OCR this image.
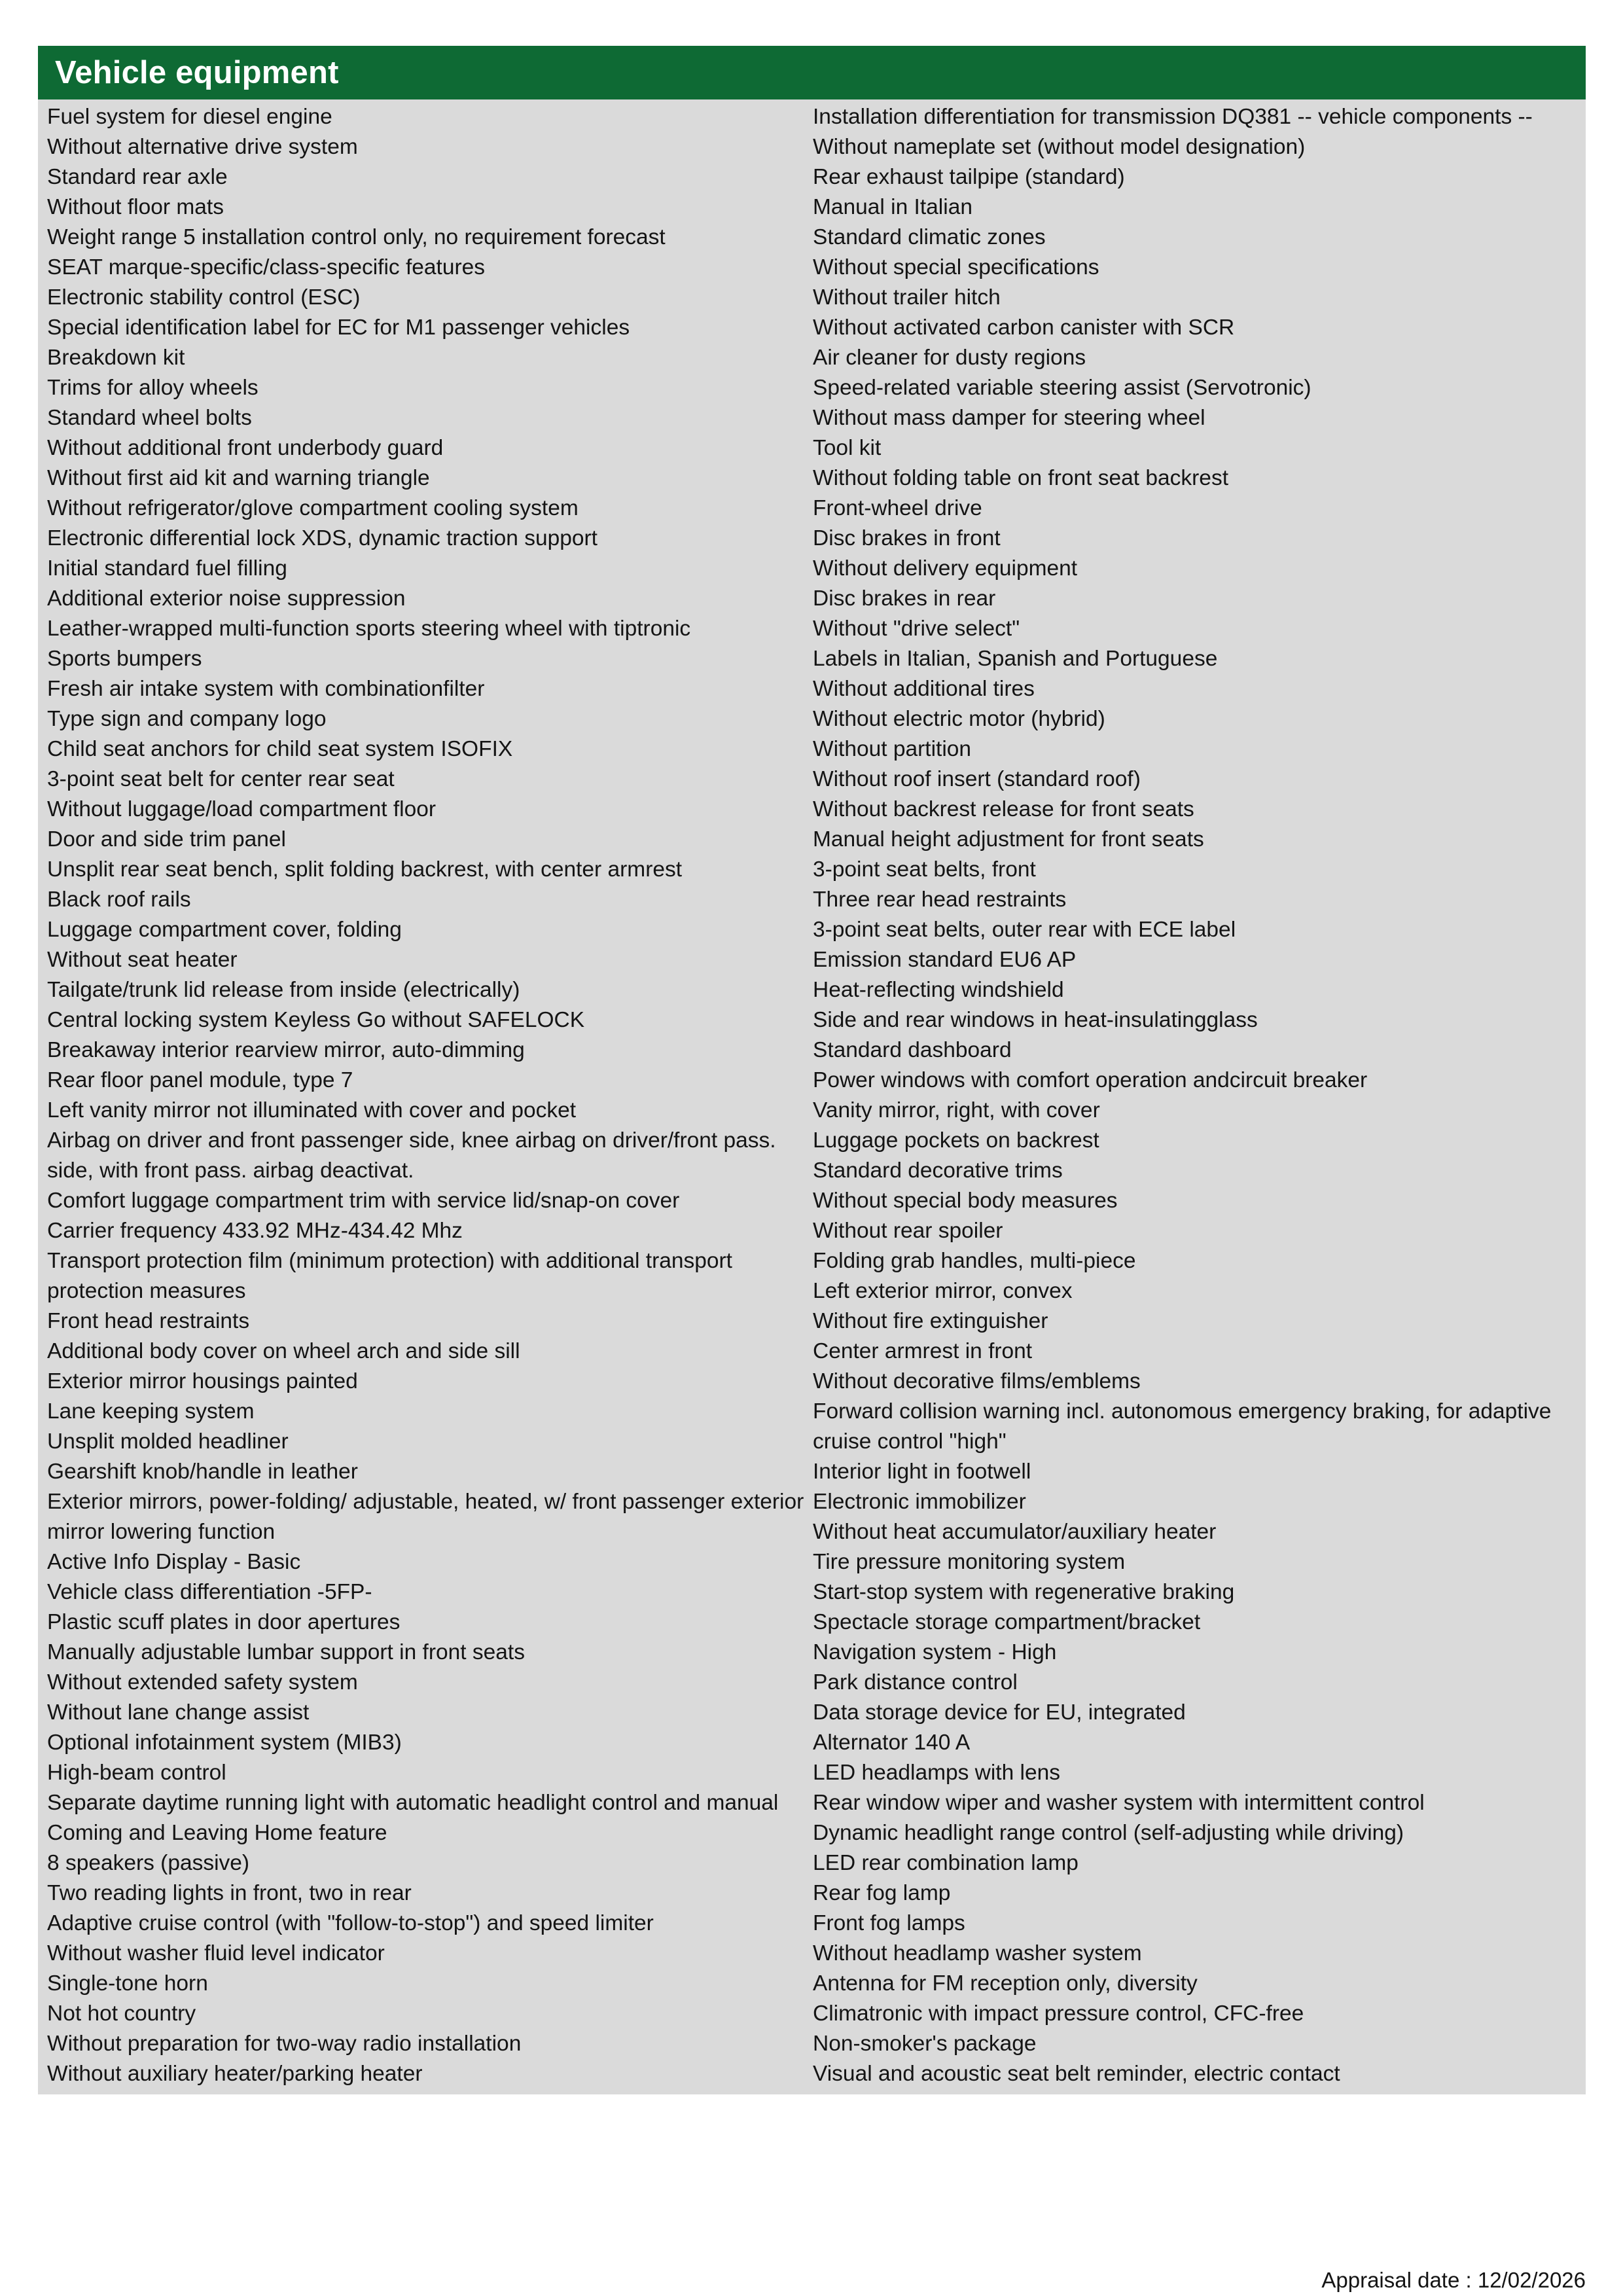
Vehicle equipment
Fuel system for diesel engine
Without alternative drive system
Standard rear axle
Without floor mats
Weight range 5 installation control only, no requirement forecast
SEAT marque-specific/class-specific features
Electronic stability control (ESC)
Special identification label for EC for M1 passenger vehicles
Breakdown kit
Trims for alloy wheels
Standard wheel bolts
Without additional front underbody guard
Without first aid kit and warning triangle
Without refrigerator/glove compartment cooling system
Electronic differential lock XDS, dynamic traction support
Initial standard fuel filling
Additional exterior noise suppression
Leather-wrapped multi-function sports steering wheel with tiptronic
Sports bumpers
Fresh air intake system with combinationfilter
Type sign and company logo
Child seat anchors for child seat system ISOFIX
3-point seat belt for center rear seat
Without luggage/load compartment floor
Door and side trim panel
Unsplit rear seat bench, split folding backrest, with center armrest
Black roof rails
Luggage compartment cover, folding
Without seat heater
Tailgate/trunk lid release from inside (electrically)
Central locking system Keyless Go without SAFELOCK
Breakaway interior rearview mirror, auto-dimming
Rear floor panel module, type 7
Left vanity mirror not illuminated with cover and pocket
Airbag on driver and front passenger side, knee airbag on driver/front pass. side, with front pass. airbag deactivat.
Comfort luggage compartment trim with service lid/snap-on cover
Carrier frequency 433.92 MHz-434.42 Mhz
Transport protection film (minimum protection) with additional transport protection measures
Front head restraints
Additional body cover on wheel arch and side sill
Exterior mirror housings painted
Lane keeping system
Unsplit molded headliner
Gearshift knob/handle in leather
Exterior mirrors, power-folding/ adjustable, heated, w/ front passenger exterior mirror lowering function
Active Info Display - Basic
Vehicle class differentiation -5FP-
Plastic scuff plates in door apertures
Manually adjustable lumbar support in front seats
Without extended safety system
Without lane change assist
Optional infotainment system (MIB3)
High-beam control
Separate daytime running light with automatic headlight control and manual
Coming and Leaving Home feature
8 speakers (passive)
Two reading lights in front, two in rear
Adaptive cruise control (with "follow-to-stop") and speed limiter
Without washer fluid level indicator
Single-tone horn
Not hot country
Without preparation for two-way radio installation
Without auxiliary heater/parking heater
Installation differentiation for transmission DQ381 -- vehicle components --
Without nameplate set (without model designation)
Rear exhaust tailpipe (standard)
Manual in Italian
Standard climatic zones
Without special specifications
Without trailer hitch
Without activated carbon canister with SCR
Air cleaner for dusty regions
Speed-related variable steering assist (Servotronic)
Without mass damper for steering wheel
Tool kit
Without folding table on front seat backrest
Front-wheel drive
Disc brakes in front
Without delivery equipment
Disc brakes in rear
Without "drive select"
Labels in Italian, Spanish and Portuguese
Without additional tires
Without electric motor (hybrid)
Without partition
Without roof insert (standard roof)
Without backrest release for front seats
Manual height adjustment for front seats
3-point seat belts, front
Three rear head restraints
3-point seat belts, outer rear with ECE label
Emission standard EU6 AP
Heat-reflecting windshield
Side and rear windows in heat-insulatingglass
Standard dashboard
Power windows with comfort operation andcircuit breaker
Vanity mirror, right, with cover
Luggage pockets on backrest
Standard decorative trims
Without special body measures
Without rear spoiler
Folding grab handles, multi-piece
Left exterior mirror, convex
Without fire extinguisher
Center armrest in front
Without decorative films/emblems
Forward collision warning incl. autonomous emergency braking, for adaptive cruise control "high"
Interior light in footwell
Electronic immobilizer
Without heat accumulator/auxiliary heater
Tire pressure monitoring system
Start-stop system with regenerative braking
Spectacle storage compartment/bracket
Navigation system - High
Park distance control
Data storage device for EU, integrated
Alternator 140 A
LED headlamps with lens
Rear window wiper and washer system with intermittent control
Dynamic headlight range control (self-adjusting while driving)
LED rear combination lamp
Rear fog lamp
Front fog lamps
Without headlamp washer system
Antenna for FM reception only, diversity
Climatronic with impact pressure control, CFC-free
Non-smoker's package
Visual and acoustic seat belt reminder, electric contact
Appraisal date : 12/02/2026
